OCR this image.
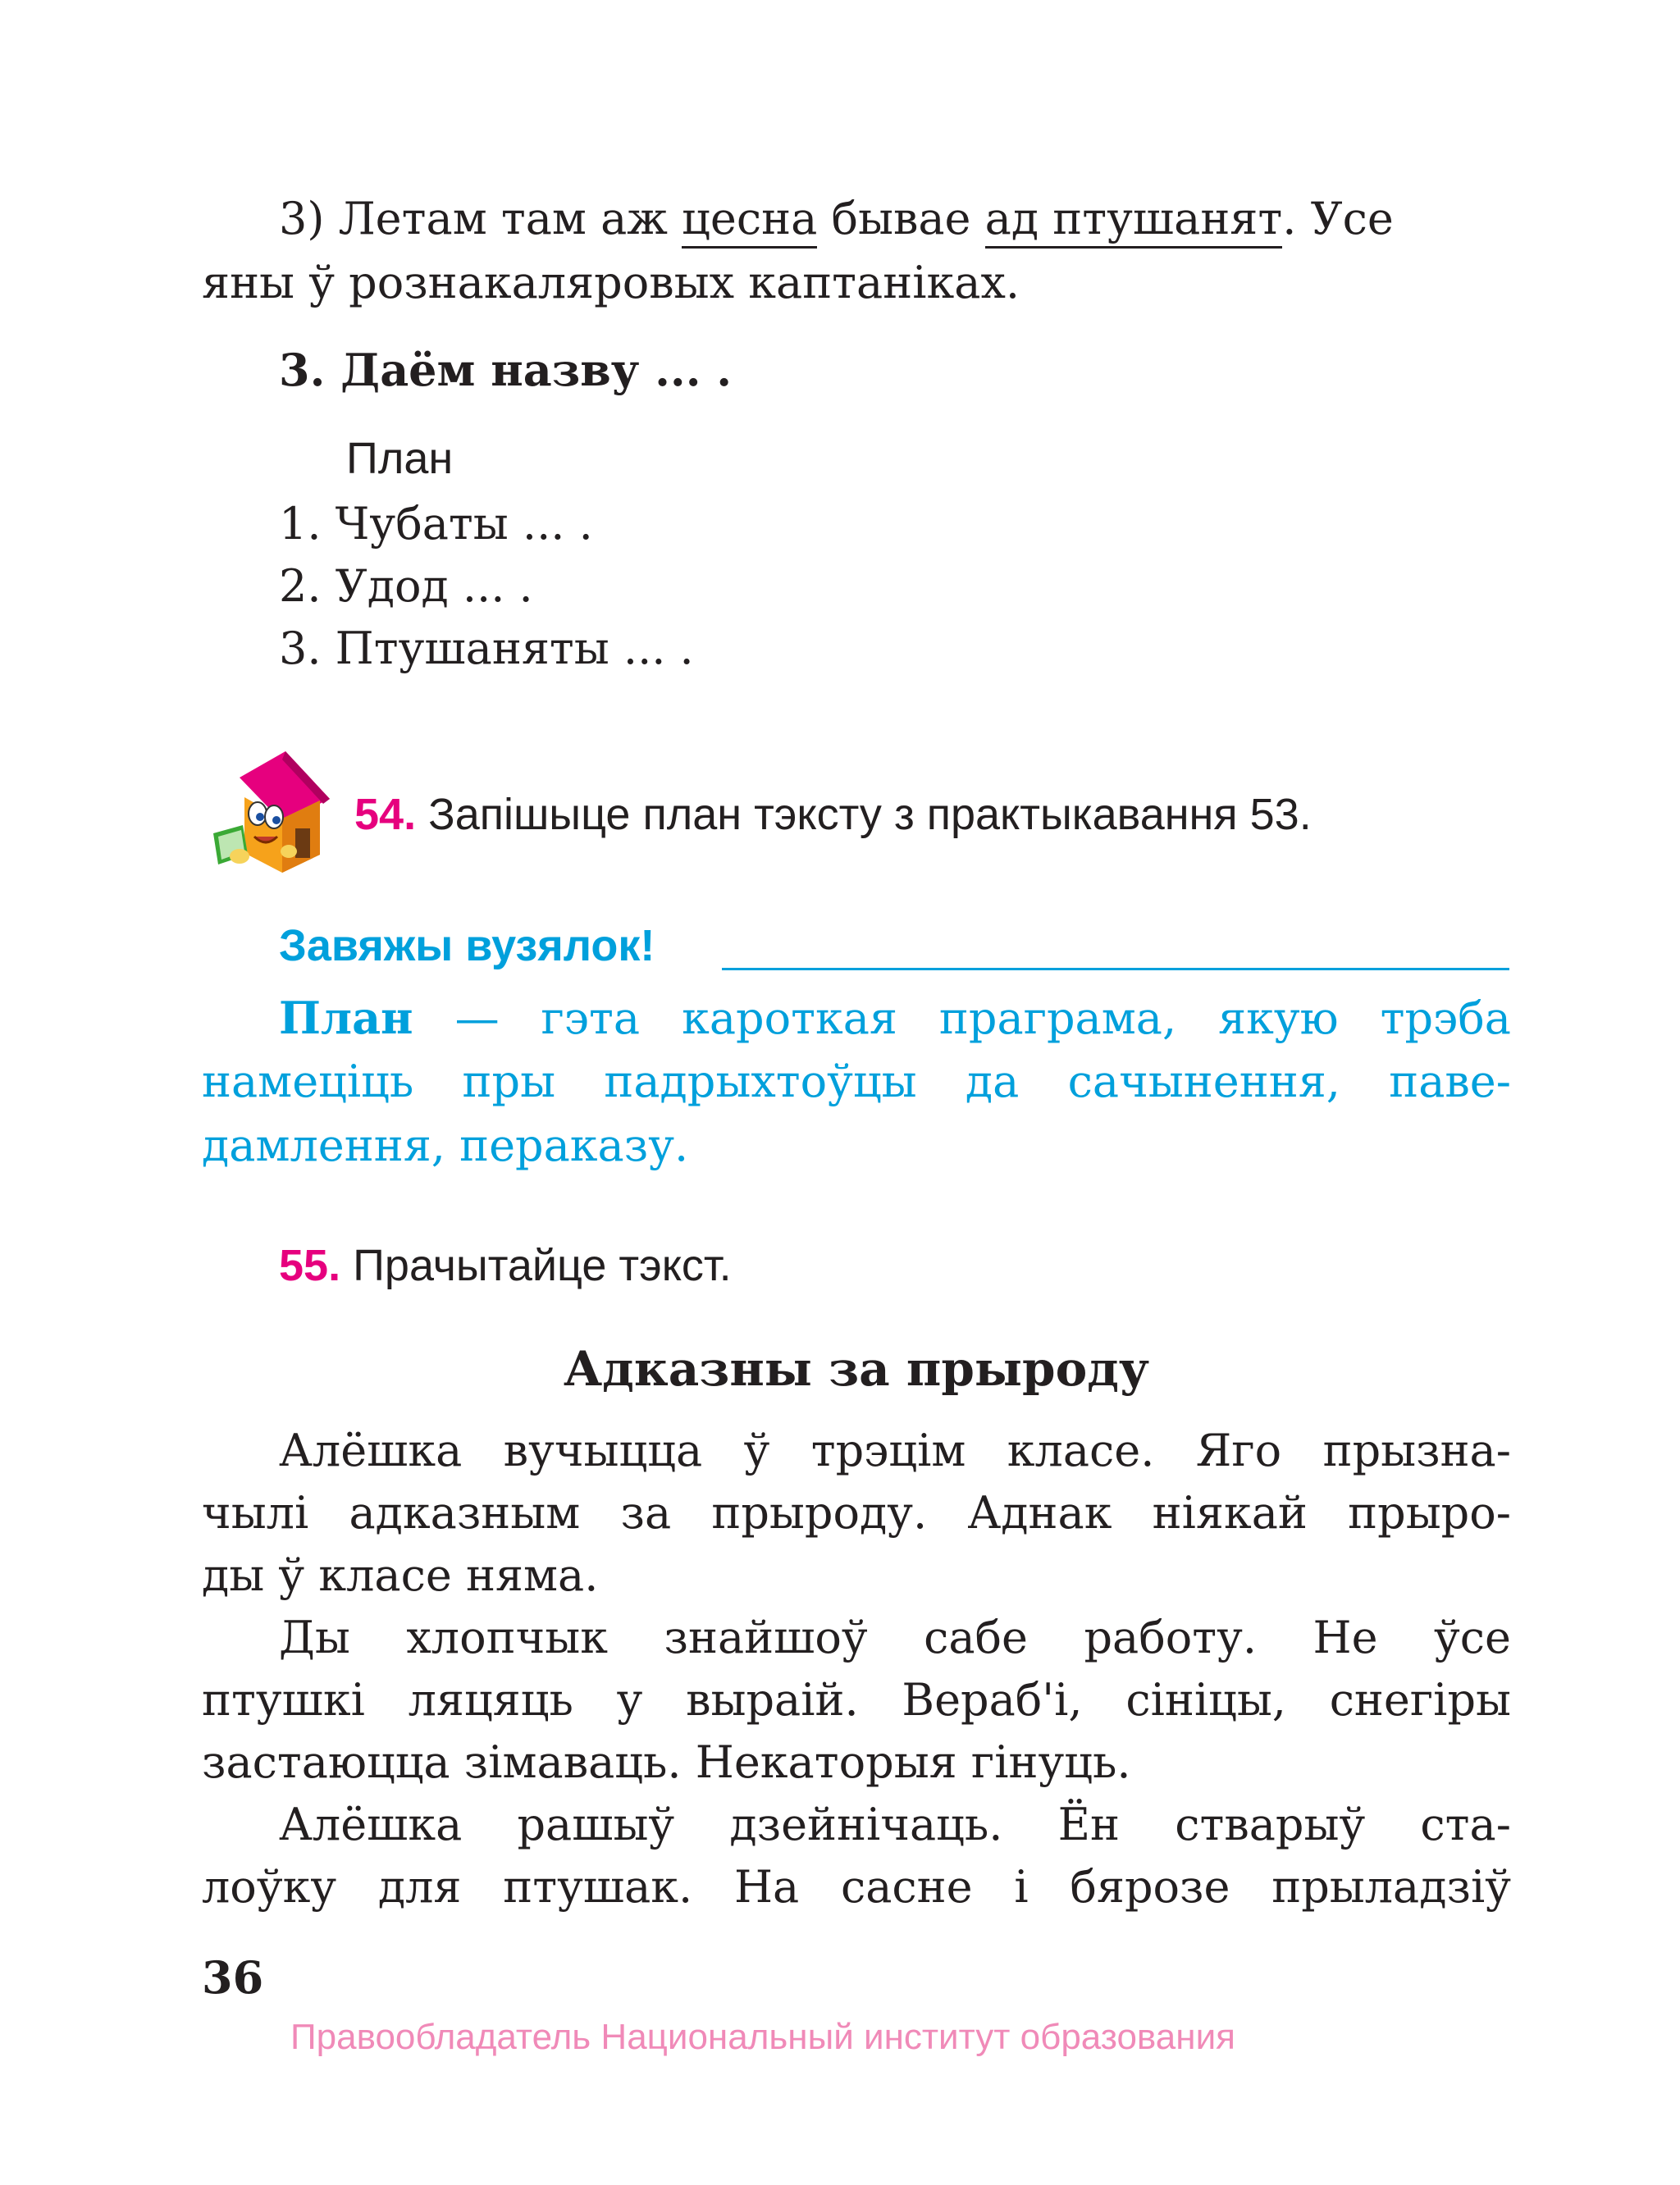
3) Летам там аж цесна бывае ад птушанят. Усе
яны ў рознакаляровых каптаніках.
3. Даём назву ... .
План
1. Чубаты ... .
2. Удод ... .
3. Птушаняты ... .
54. Запішыце план тэксту з практыкавання 53.
Завяжы вузялок!
План — гэта кароткая праграма, якую трэба
намеціць пры падрыхтоўцы да сачынення, паве-
дамлення, пераказу.
55. Прачытайце тэкст.
Адказны за прыроду
Алёшка вучыцца ў трэцім класе. Яго прызна-
чылі адказным за прыроду. Аднак ніякай прыро-
ды ў класе няма.
Ды хлопчык знайшоў сабе работу. Не ўсе
птушкі ляцяць у выраій. Вераб'і, сініцы, снегіры
застаюцца зімаваць. Некаторыя гінуць.
Алёшка рашыў дзейнічаць. Ён стварыў ста-
лоўку для птушак. На сасне і бярозе прыладзіў
36
Правообладатель Национальный институт образования
